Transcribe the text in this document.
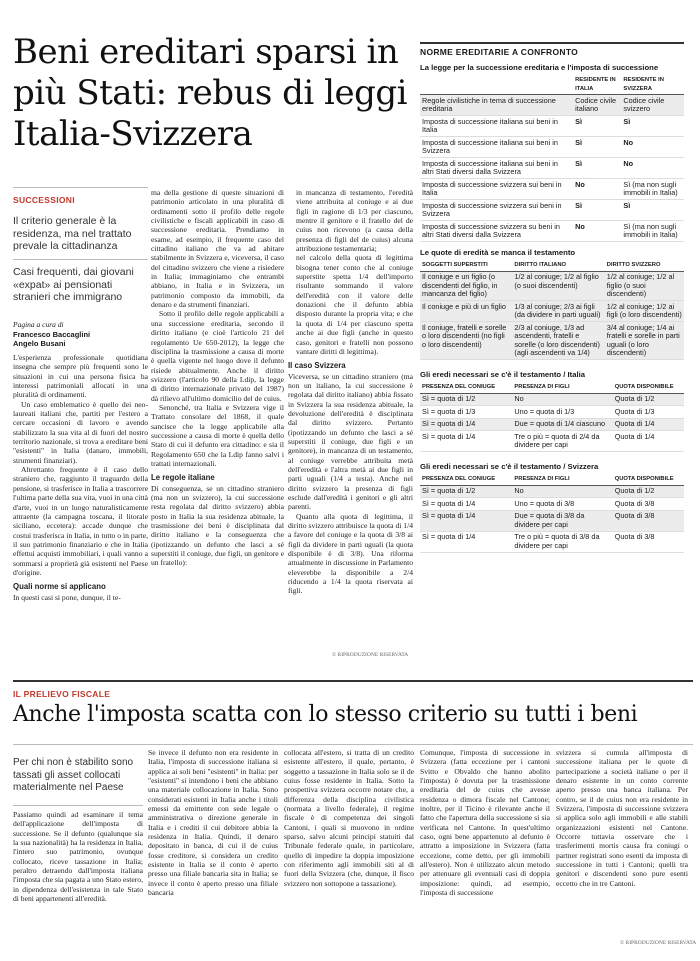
Beni ereditari sparsi in più Stati: rebus di leggi Italia-Svizzera
SUCCESSIONI
Il criterio generale è la residenza, ma nel trattato prevale la cittadinanza
Casi frequenti, dai giovani «expat» ai pensionati stranieri che immigrano
Pagina a cura di
Francesco Baccaglini
Angelo Busani

L'esperienza professionale quotidiana insegna che sempre più frequenti sono le situazioni in cui una persona fisica ha interessi patrimoniali allocati in una pluralità di ordinamenti.

Un caso emblematico è quello dei neo-laureati italiani che, partiti per l'estero a cercare occasioni di lavoro e avendo stabilizzato la sua vita al di fuori del nostro territorio nazionale, si trova a ereditare beni "esistenti" in Italia (danaro, immobili, strumenti finanziari).

Altrettanto frequente è il caso dello straniero che, raggiunto il traguardo della pensione, si trasferisce in Italia a trascorrere l'ultima parte della sua vita, vuoi in una città d'arte, vuoi in un luogo naturalisticamente attraente (la campagna toscana, il litorale siciliano, eccetera): accade dunque che costui trasferisca in Italia, in tutto o in parte, il suo patrimonio finanziario e che in Italia effettui acquisti immobiliari, i quali vanno a sommarsi a proprietà già esistenti nel Paese d'origine.

Quali norme si applicano

In questi casi si pone, dunque, il te-

ma della gestione di queste situazioni di patrimonio articolato in una pluralità di ordinamenti sotto il profilo delle regole civilistiche e fiscali applicabili in caso di successione ereditaria. Prendiamo in esame, ad esempio, il frequente caso del cittadino italiano che va ad abitare stabilmente in Svizzera e, viceversa, il caso del cittadino svizzero che viene a risiedere in Italia; immaginiamo che entrambi abbiano, in Italia e in Svizzera, un patrimonio composto da immobili, da denaro e da strumenti finanziari.

Sotto il profilo delle regole applicabili a una successione ereditaria, secondo il diritto italiano (e cioè l'articolo 21 del regolamento Ue 650-2012), la legge che disciplina la trasmissione a causa di morte è quella vigente nel luogo dove il defunto risiede abitualmente. Anche il diritto svizzero (l'articolo 90 della Ldip, la legge di diritto internazionale privato del 1987) dà rilievo all'ultimo domicilio del de cuius.

Senonché, tra Italia e Svizzera vige il Trattato consolare del 1868, il quale sancisce che la legge applicabile alla successione a causa di morte è quella dello Stato di cui il defunto era cittadino: e sia il Regolamento 650 che la Ldip fanno salvi i trattati internazionali.

Le regole italiane

Di conseguenza, se un cittadino straniero (ma non un svizzero), la cui successione resta regolata dal diritto svizzero) abbia posto in Italia la sua residenza abituale, la trasmissione dei beni è disciplinata dal diritto italiano e la conseguenza che (ipotizzando un defunto che lasci a sé superstiti il coniuge, due figli, un genitore e un fratello):

• in mancanza di testamento, l'eredità viene attribuita al coniuge e ai due figli in ragione di 1/3 per ciascuno, mentre il genitore e il fratello del de cuius non ricevono (a causa della presenza di figli del de cuius) alcuna attribuzione testamentaria;
• nel calcolo della quota di legittima bisogna tener conto che al coniuge superstite spetta 1/4 dell'importo risultante sommando il valore dell'eredità con il valore delle donazioni che il defunto abbia disposto durante la propria vita; e che la quota di 1/4 per ciascuno spetta anche ai due figli (anche in questo caso, genitori e fratelli non possono vantare diritti di legittima).
Il caso Svizzera

Viceversa, se un cittadino straniero (ma non un italiano, la cui successione è regolata dal diritto italiano) abbia fissato in Svizzera la sua residenza abituale, la devoluzione dell'eredità è disciplinata dal diritto svizzero. Pertanto (ipotizzando un defunto che lasci a sé superstiti il coniuge, due figli e un genitore), in mancanza di un testamento, al coniuge verrebbe attribuita metà dell'eredità e l'altra metà ai due figli in parti uguali (1/4 a testa). Anche nel diritto svizzero la presenza di figli esclude dall'eredità i genitori e gli altri parenti.

Quanto alla quota di legittima, il diritto svizzero attribuisce la quota di 1/4 a favore del coniuge e la quota di 3/8 ai figli da dividere in parti uguali (la quota disponibile è di 3/8). Una riforma attualmente in discussione in Parlamento eleverebbe la disponibile a 2/4 riducendo a 1/4 la quota riservata ai figli.

© RIPRODUZIONE RISERVATA
NORME EREDITARIE A CONFRONTO
La legge per la successione ereditaria e l'imposta di successione
	RESIDENTE IN ITALIA	RESIDENTE IN SVIZZERA
Regole civilistiche in tema di successione ereditaria	Codice civile italiano	Codice civile svizzero
Imposta di successione italiana sui beni in Italia	Sì	Sì
Imposta di successione italiana sui beni in Svizzera	Sì	No
Imposta di successione italiana sui beni in altri Stati diversi dalla Svizzera	Sì	No
Imposta di successione svizzera sui beni in Italia	No	Sì (ma non sugli immobili in Italia)
Imposta di successione svizzera sui beni in Svizzera	Sì	Sì
Imposta di successione svizzera su beni in altri Stati diversi dalla Svizzera	No	Sì (ma non sugli immobili in Italia)
Le quote di eredità se manca il testamento
SOGGETTI SUPERSTITI	DIRITTO ITALIANO	DIRITTO SVIZZERO
Il coniuge e un figlio (o discendenti del figlio, in mancanza del figlio)	1/2 al coniuge; 1/2 al figlio (o suoi discendenti)	1/2 al coniuge; 1/2 al figlio (o suoi discendenti)
Il coniuge e più di un figlio	1/3 al coniuge; 2/3 ai figli (da dividere in parti uguali)	1/2 al coniuge; 1/2 ai figli (o loro discendenti)
Il coniuge, fratelli e sorelle o loro discendenti (no figli o loro discendenti)	2/3 al coniuge, 1/3 ad ascendenti, fratelli e sorelle (o loro discendenti) (agli ascendenti va 1/4)	3/4 al coniuge; 1/4 ai fratelli e sorelle in parti uguali (o loro discendenti)
Gli eredi necessari se c'è il testamento / Italia
PRESENZA DEL CONIUGE	PRESENZA DI FIGLI	QUOTA DISPONIBILE
Sì = quota di 1/2	No	Quota di 1/2
Sì = quota di 1/3	Uno = quota di 1/3	Quota di 1/3
Sì = quota di 1/4	Due = quota di 1/4 ciascuno	Quota di 1/4
Sì = quota di 1/4	Tre o più = quota di 2/4 da dividere per capi	Quota di 1/4
Gli eredi necessari se c'è il testamento / Svizzera
PRESENZA DEL CONIUGE	PRESENZA DI FIGLI	QUOTA DISPONIBILE
Sì = quota di 1/2	No	Quota di 1/2
Sì = quota di 1/4	Uno = quota di 3/8	Quota di 3/8
Sì = quota di 1/4	Due = quota di 3/8 da dividere per capi	Quota di 3/8
Sì = quota di 1/4	Tre o più = quota di 3/8 da dividere per capi	Quota di 3/8
IL PRELIEVO FISCALE
Anche l'imposta scatta con lo stesso criterio su tutti i beni
Per chi non è stabilito sono tassati gli asset collocati materialmente nel Paese

Passiamo quindi ad esaminare il tema dell'applicazione dell'imposta di successione. Se il defunto (qualunque sia la sua nazionalità) ha la residenza in Italia, l'intero suo patrimonio, ovunque collocato, riceve tassazione in Italia; peraltro detraendo dall'imposta italiana l'imposta che sia pagata a uno Stato estero, in dipendenza dell'esistenza in tale Stato di beni appartenenti all'eredità.

Se invece il defunto non era residente in Italia, l'imposta di successione italiana si applica ai soli beni "esistenti" in Italia: per "esistenti" si intendono i beni che abbiano una materiale collocazione in Italia. Sono considerati esistenti in Italia anche i titoli emessi da emittente con sede legale o amministrativa o direzione generale in Italia e i crediti il cui debitore abbia la residenza in Italia. Quindi, il denaro depositato in banca, di cui il de cuius fosse creditore, si considera un credito esistente in Italia se il conto è aperto presso una filiale bancaria sita in Italia; se invece il conto è aperto presso una filiale bancaria

collocata all'estero, si tratta di un credito esistente all'estero, il quale, pertanto, è soggetto a tassazione in Italia solo se il de cuius fosse residente in Italia. Sotto la prospettiva svizzera occorre notare che, a differenza della disciplina civilistica (normata a livello federale), il regime fiscale è di competenza dei singoli Cantoni, i quali si muovono in ordine sparso, salvo alcuni principi statuiti dal Tribunale federale quale, in particolare, quello di impedire la doppia imposizione con riferimento agli immobili siti al di fuori della Svizzera (che, dunque, il fisco svizzero non sottopone a tassazione).

Comunque, l'imposta di successione in Svizzera (fatta eccezione per i cantoni Svitto e Obvaldo che hanno abolito l'imposta) è dovuta per la trasmissione ereditaria del de cuius che avesse residenza o dimora fiscale nel Cantone; inoltre, per il Ticino è rilevante anche il fatto che l'apertura della successione si sia verificata nel Cantone. In quest'ultimo caso, ogni bene appartenuto al defunto è attratto a imposizione in Svizzera (fatta eccezione, come detto, per gli immobili all'estero). Non è utilizzato alcun metodo per attenuare gli eventuali casi di doppia imposizione: quindi, ad esempio, l'imposta di successione

svizzera si cumula all'imposta di successione italiana per le quote di partecipazione a società italiane o per il denaro esistente in un conto corrente aperto presso una banca italiana. Per contro, se il de cuius non era residente in Svizzera, l'imposta di successione svizzera si applica solo agli immobili e alle stabili organizzazioni esistenti nel Cantone. Occorre tuttavia osservare che i trasferimenti mortis causa fra coniugi o partner registrati sono esenti da imposta di successione in tutti i Cantoni; quelli tra genitori e discendenti sono pure esenti eccetto che in tre Cantoni.

© RIPRODUZIONE RISERVATA
